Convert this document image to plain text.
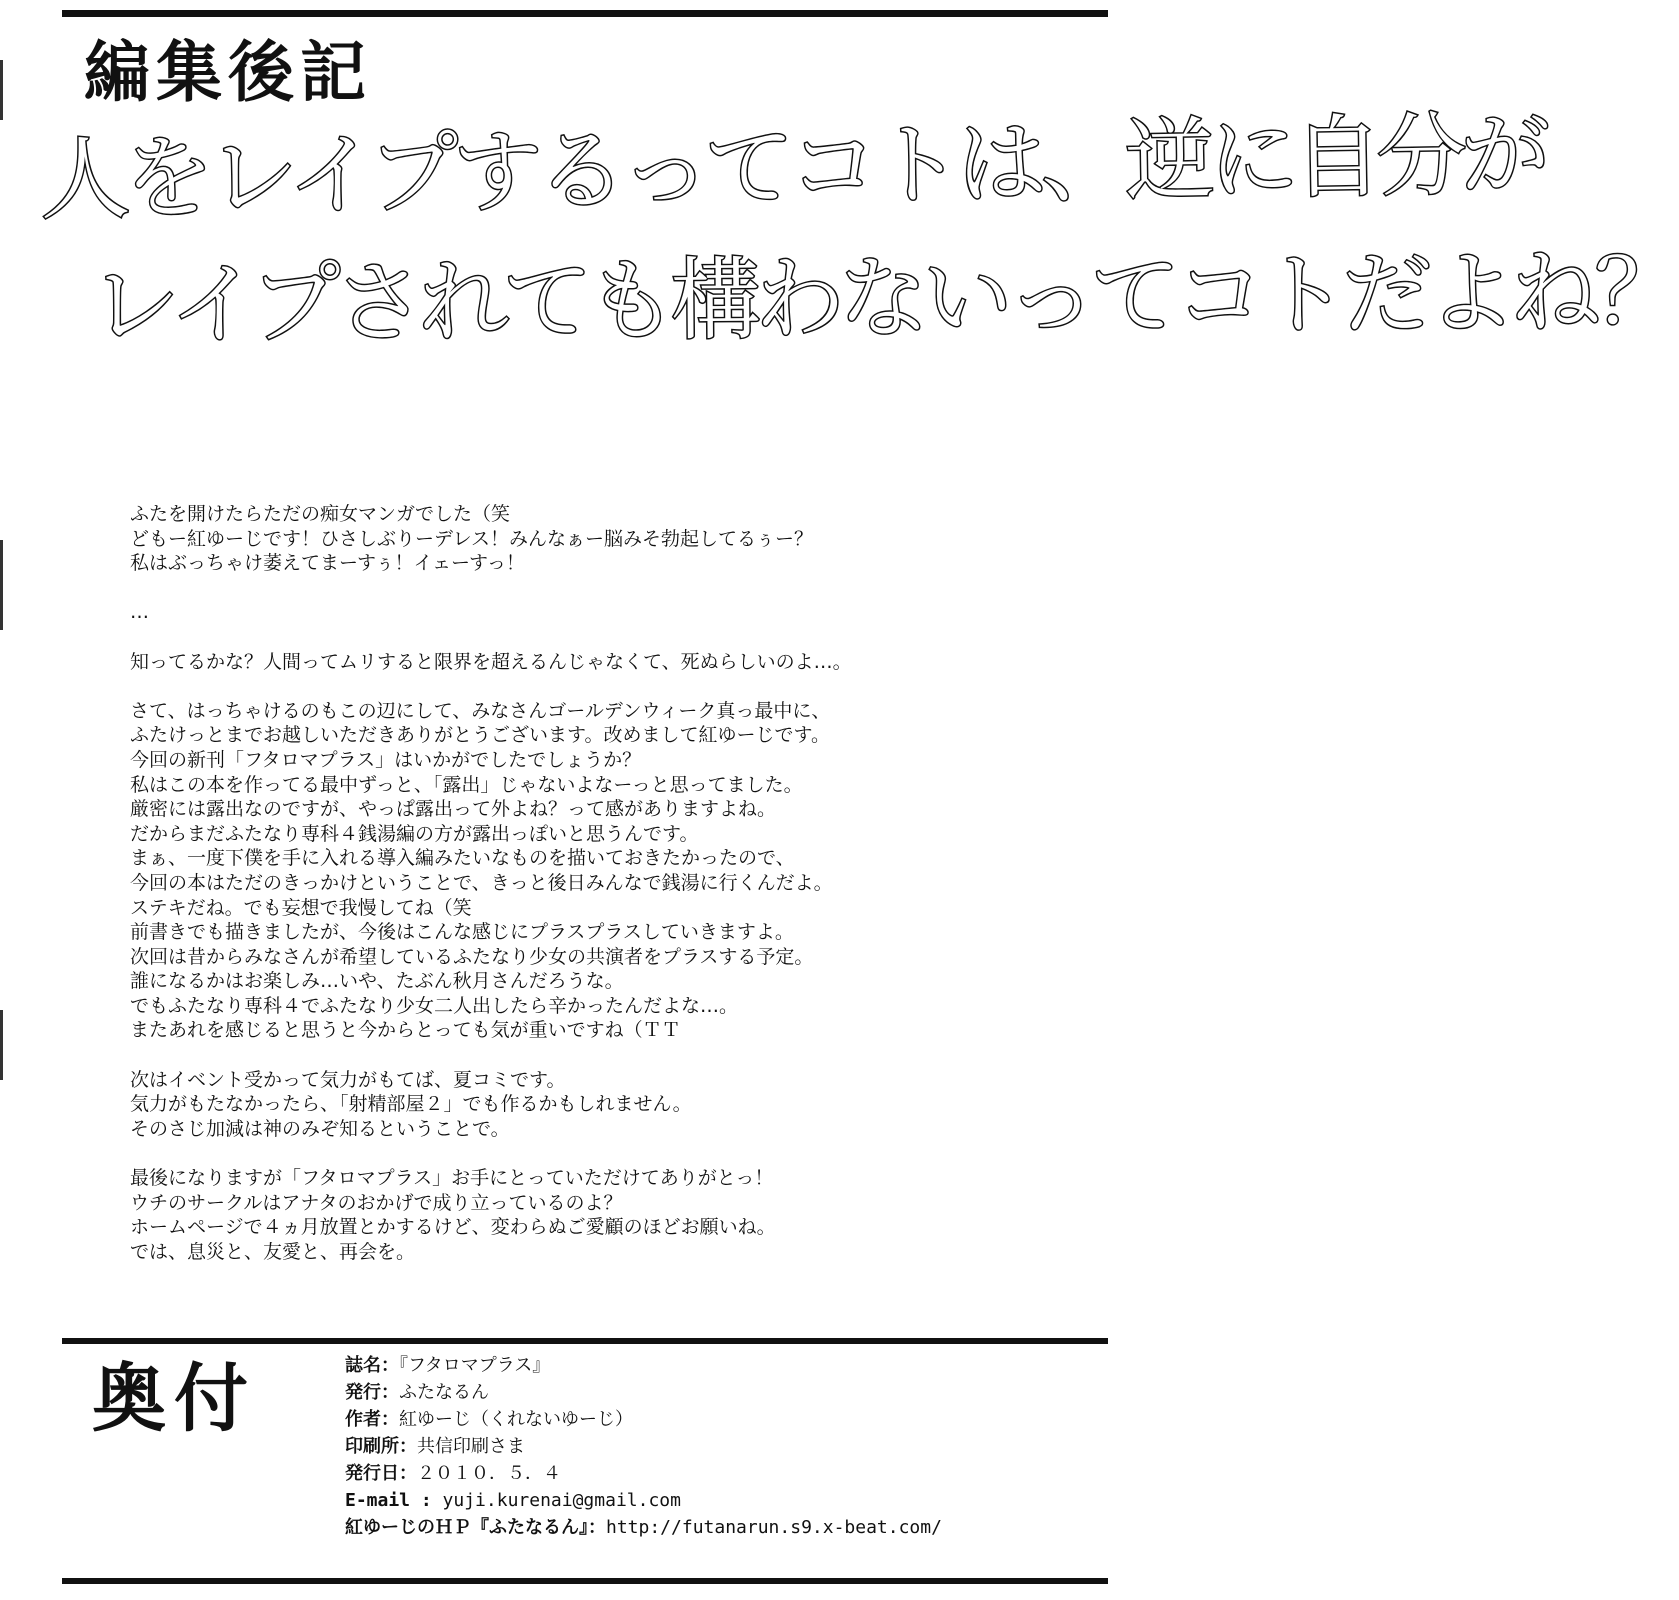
編集後記
人をレイプするってコトは、逆に自分が
レイプされても構わないってコトだよね？
ふたを開けたらただの痴女マンガでした（笑
どもー紅ゆーじです！ひさしぶりーデレス！みんなぁー脳みそ勃起してるぅー？
私はぶっちゃけ萎えてまーすぅ！イェーすっ！
…
知ってるかな？人間ってムリすると限界を超えるんじゃなくて、死ぬらしいのよ…。
さて、はっちゃけるのもこの辺にして、みなさんゴールデンウィーク真っ最中に、
ふたけっとまでお越しいただきありがとうございます。改めまして紅ゆーじです。
今回の新刊「フタロマプラス」はいかがでしたでしょうか？
私はこの本を作ってる最中ずっと、「露出」じゃないよなーっと思ってました。
厳密には露出なのですが、やっぱ露出って外よね？って感がありますよね。
だからまだふたなり専科４銭湯編の方が露出っぽいと思うんです。
まぁ、一度下僕を手に入れる導入編みたいなものを描いておきたかったので、
今回の本はただのきっかけということで、きっと後日みんなで銭湯に行くんだよ。
ステキだね。でも妄想で我慢してね（笑
前書きでも描きましたが、今後はこんな感じにプラスプラスしていきますよ。
次回は昔からみなさんが希望しているふたなり少女の共演者をプラスする予定。
誰になるかはお楽しみ…いや、たぶん秋月さんだろうな。
でもふたなり専科４でふたなり少女二人出したら辛かったんだよな…。
またあれを感じると思うと今からとっても気が重いですね（ＴＴ
次はイベント受かって気力がもてば、夏コミです。
気力がもたなかったら、「射精部屋２」でも作るかもしれません。
そのさじ加減は神のみぞ知るということで。
最後になりますが「フタロマプラス」お手にとっていただけてありがとっ！
ウチのサークルはアナタのおかげで成り立っているのよ？
ホームページで４ヵ月放置とかするけど、変わらぬご愛顧のほどお願いね。
では、息災と、友愛と、再会を。
奥付	誌名：『フタロマプラス』
発行：ふたなるん
作者：紅ゆーじ（くれないゆーじ）
印刷所：共信印刷さま
発行日：２０１０．５．４
E-mail : yuji.kurenai@gmail.com
紅ゆーじのＨＰ『ふたなるん』：http://futanarun.s9.x-beat.com/
